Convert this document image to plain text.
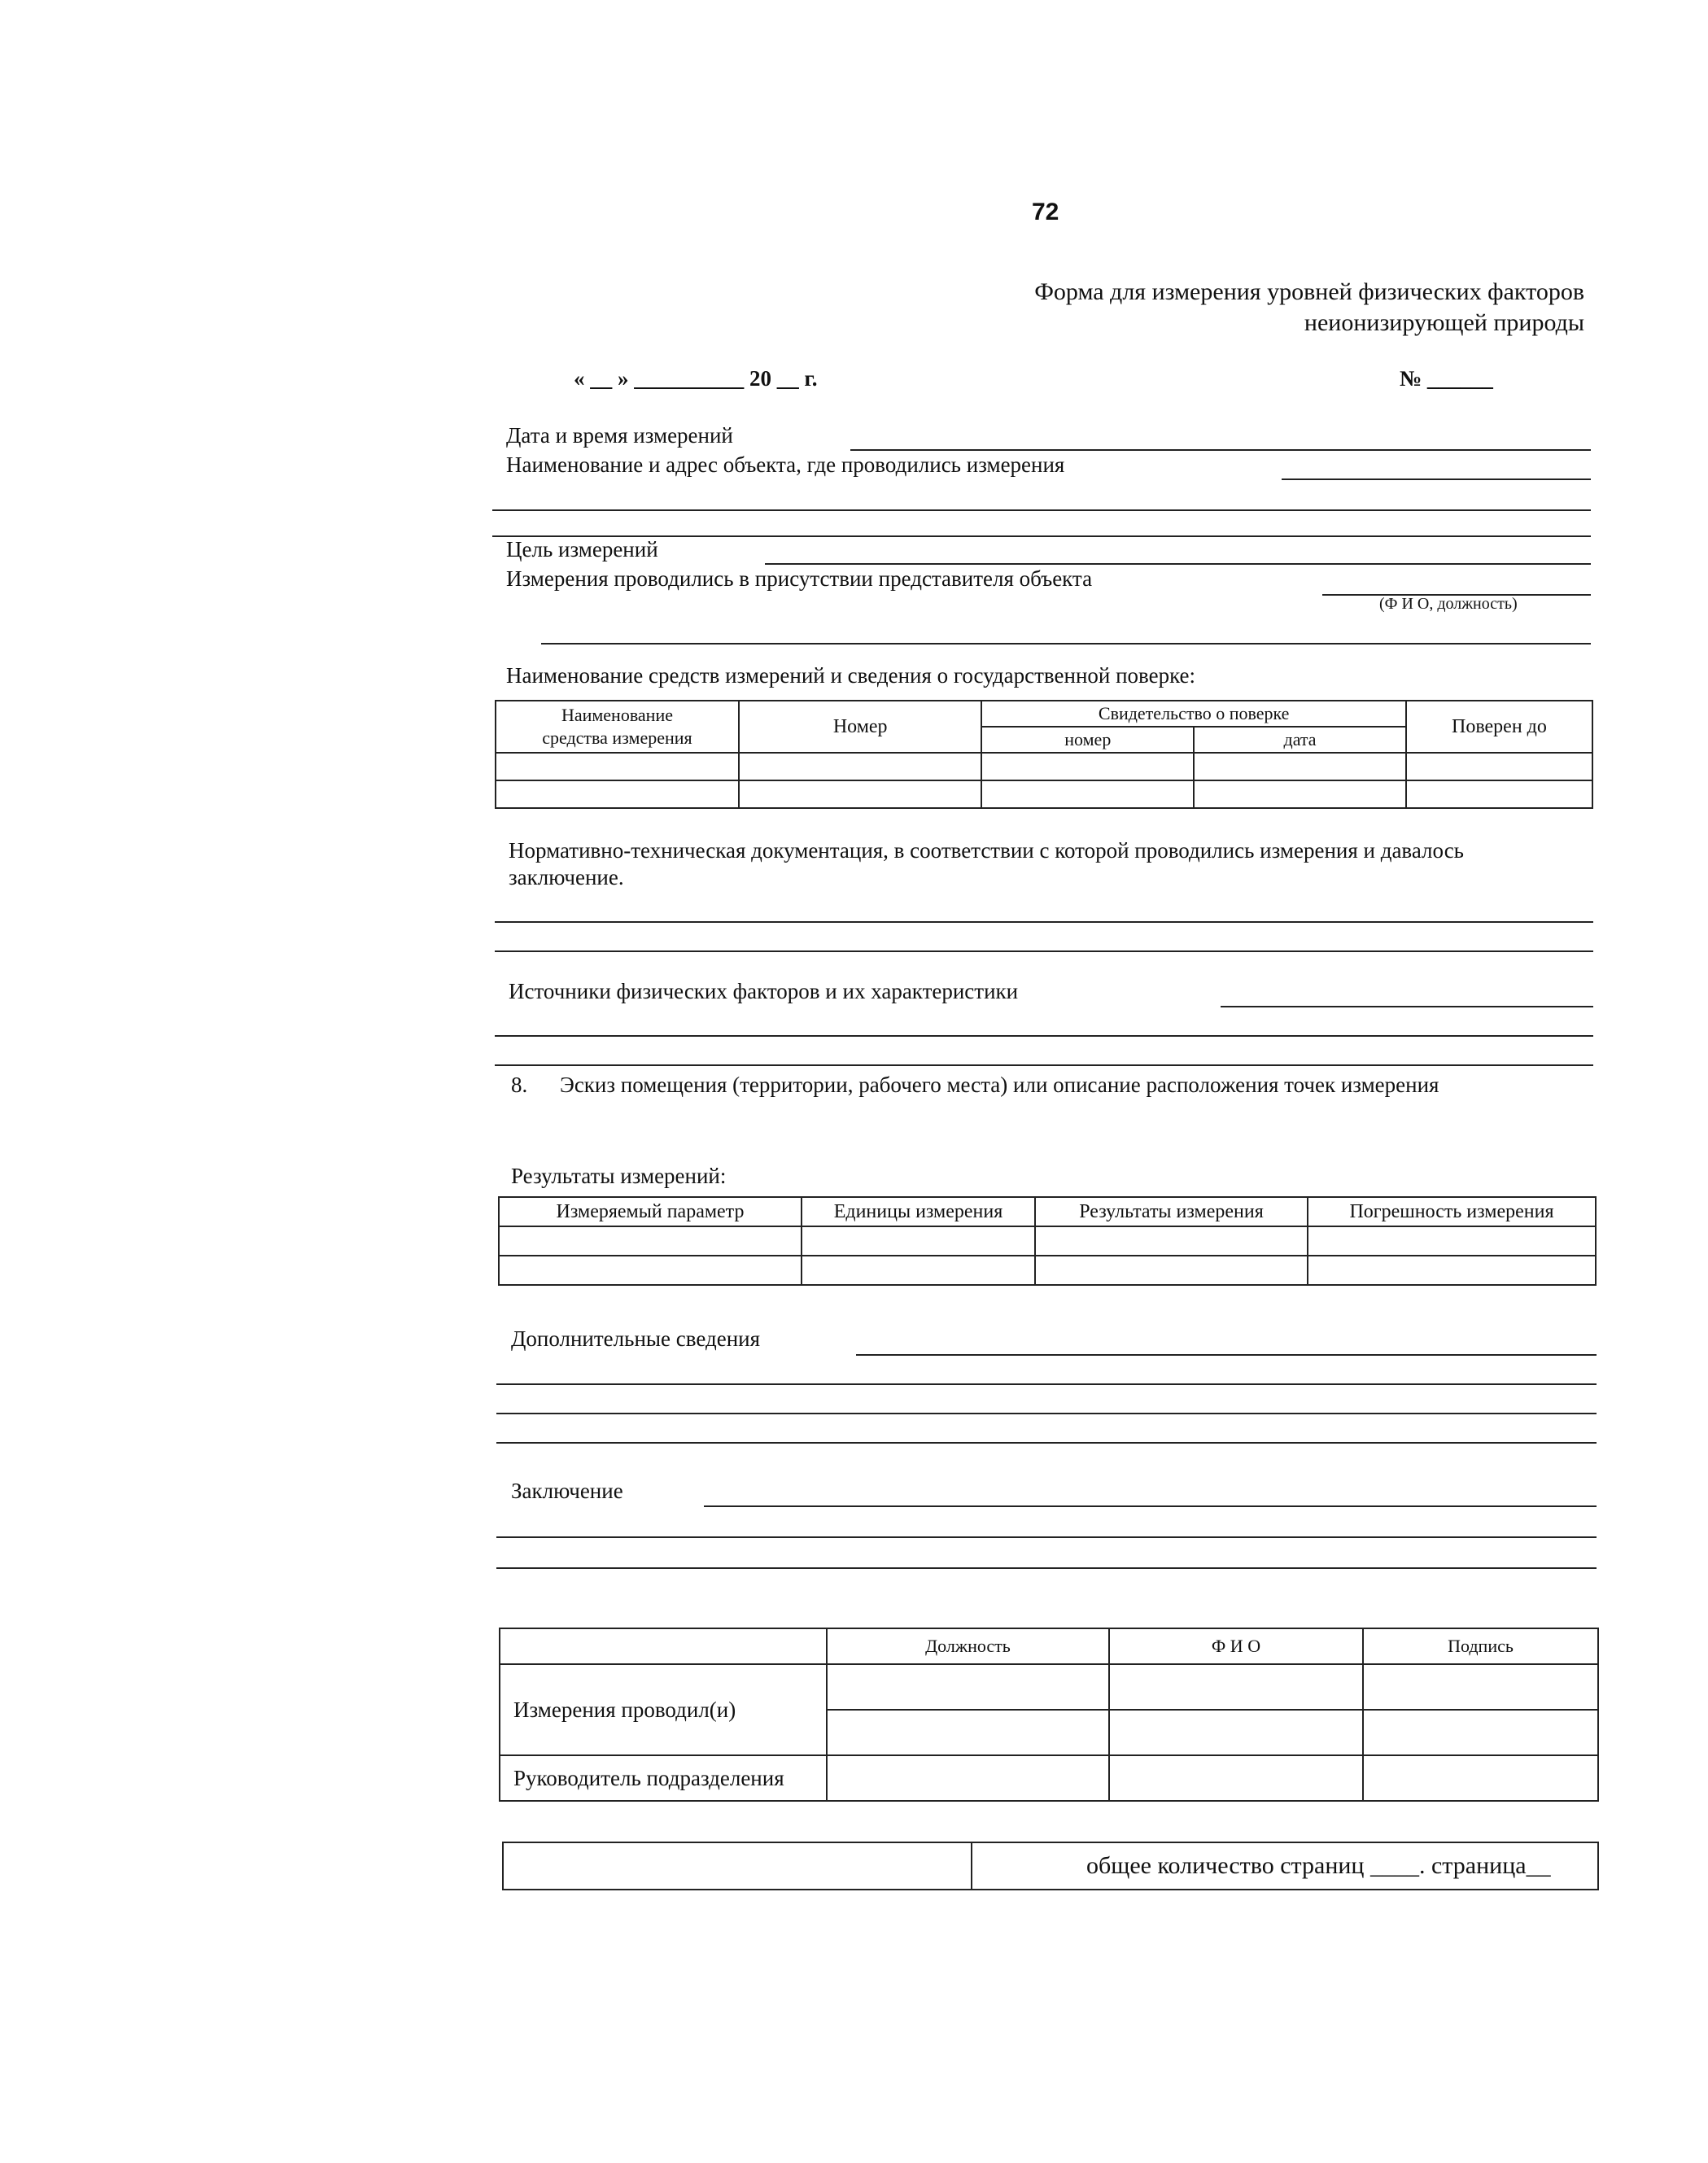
72
Форма для измерения уровней физических факторов
неионизирующей природы
« __ » __________ 20 __ г.	№ ______
Дата и время измерений
Наименование и адрес объекта, где проводились измерения
Цель измерений
Измерения проводились в присутствии представителя объекта
(Ф И О, должность)
Наименование средств измерений и сведения о государственной поверке:
Наименование
средства измерения	Номер	Свидетельство о поверке		Поверен до
		номер	дата	

Нормативно-техническая документация, в соответствии с которой проводились измерения и давалось
заключение.
Источники физических факторов и их характеристики
8. Эскиз помещения (территории, рабочего места) или описание расположения точек измерения
Результаты измерений:
Измеряемый параметр	Единицы измерения	Результаты измерения	Погрешность измерения

Дополнительные сведения
Заключение
	Должность	Ф И О	Подпись
Измерения проводил(и)			

Руководитель подразделения			
	общее количество страниц ____. страница__
